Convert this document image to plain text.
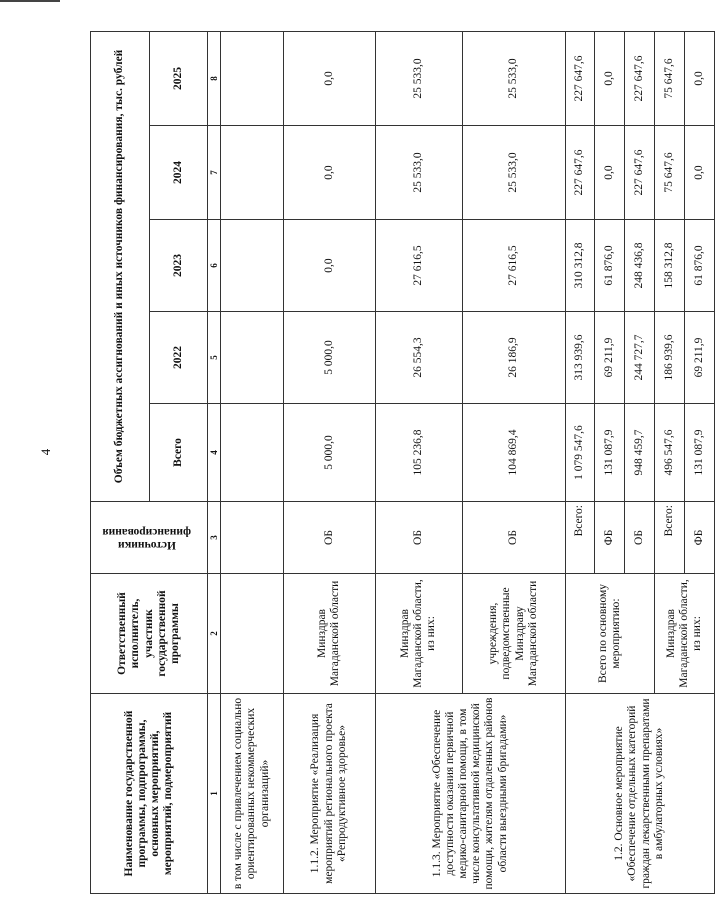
4
Наименование государственной программы, подпрограммы, основных мероприятий, мероприятий, подмероприятий	Ответственный исполнитель, участник государственной программы	Источники финансирования	Объем бюджетных ассигнований и иных источников финансирования, тыс. рублей				
			Всего	2022	2023	2024	2025
1	2	3	4	5	6	7	8
в том числе с привлечением социально ориентированных некоммерческих организаций»							
1.1.2. Мероприятие «Реализация мероприятий регионального проекта «Репродуктивное здоровье»	Минздрав Магаданской области	ОБ	5 000,0	5 000,0	0,0	0,0	0,0
1.1.3. Мероприятие «Обеспечение доступности оказания первичной медико-санитарной помощи, в том числе консультативной медицинской помощи, жителям отдаленных районов области выездными бригадами»	Минздрав Магаданской области, из них:	ОБ	105 236,8	26 554,3	27 616,5	25 533,0	25 533,0
	учреждения, подведомственные Минздраву Магаданской области	ОБ	104 869,4	26 186,9	27 616,5	25 533,0	25 533,0
1.2. Основное мероприятие «Обеспечение отдельных категорий граждан лекарственными препаратами в амбулаторных условиях»	Всего по основному мероприятию:	Всего:	1 079 547,6	313 939,6	310 312,8	227 647,6	227 647,6
		ФБ	131 087,9	69 211,9	61 876,0	0,0	0,0
		ОБ	948 459,7	244 727,7	248 436,8	227 647,6	227 647,6
	Минздрав Магаданской области, из них:	Всего:	496 547,6	186 939,6	158 312,8	75 647,6	75 647,6
		ФБ	131 087,9	69 211,9	61 876,0	0,0	0,0
